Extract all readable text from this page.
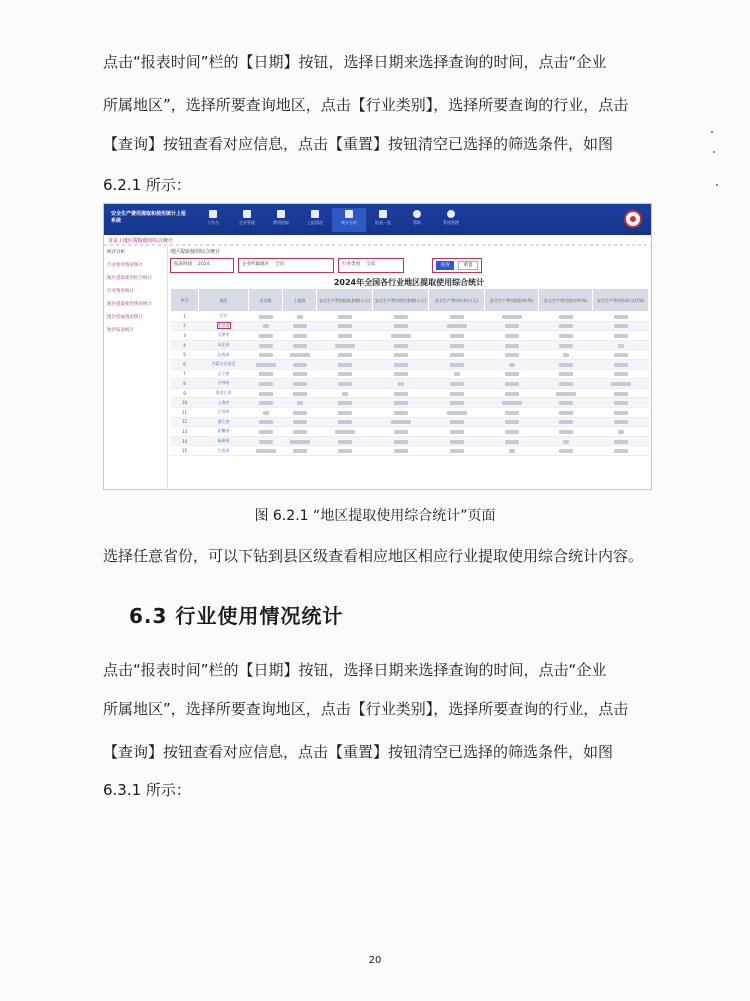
点击“报表时间”栏的【日期】按钮，选择日期来选择查询的时间，点击“企业

所属地区”，选择所要查询地区，点击【行业类别】，选择所要查询的行业，点击

【查询】按钮查看对应信息，点击【重置】按钮清空已选择的筛选条件，如图

6.2.1 所示：

安全生产费用提取和使用统计上报系统	工作台	企业管理	费用提取	上报情况	统计分析	报表一览	帮助	系统管理
首页 / 地区提取使用综合统计
统计分析
行业使用情况统计
地区提取使用综合统计
行业情况统计
地区提取使用情况统计
地区所属情况统计
地区报表统计
地区提取使用综合统计
报表时间 2024	企业所属地区 全国	行业类别 全部	查询	重置
2024年全国各行业地区提取使用综合统计
序号	地区	企业数	上报数	安全生产费用提取金额(万元)	安全生产费用使用金额(万元)	安全生产费用结余(万元)	安全生产费用提取率(%)	安全生产费用使用率(%)	安全生产费用结余占比(%)
1	合计								
2	北京市								
3	天津市								
4	河北省								
5	山西省								
6	内蒙古自治区								
7	辽宁省								
8	吉林省								
9	黑龙江省								
10	上海市								
11	江苏省								
12	浙江省								
13	安徽省								
14	福建省								
15	江西省								
图 6.2.1 “地区提取使用综合统计”页面

选择任意省份，可以下钻到县区级查看相应地区相应行业提取使用综合统计内容。

6.3 行业使用情况统计

点击“报表时间”栏的【日期】按钮，选择日期来选择查询的时间，点击“企业

所属地区”，选择所要查询地区，点击【行业类别】，选择所要查询的行业，点击

【查询】按钮查看对应信息，点击【重置】按钮清空已选择的筛选条件，如图

6.3.1 所示：

20
